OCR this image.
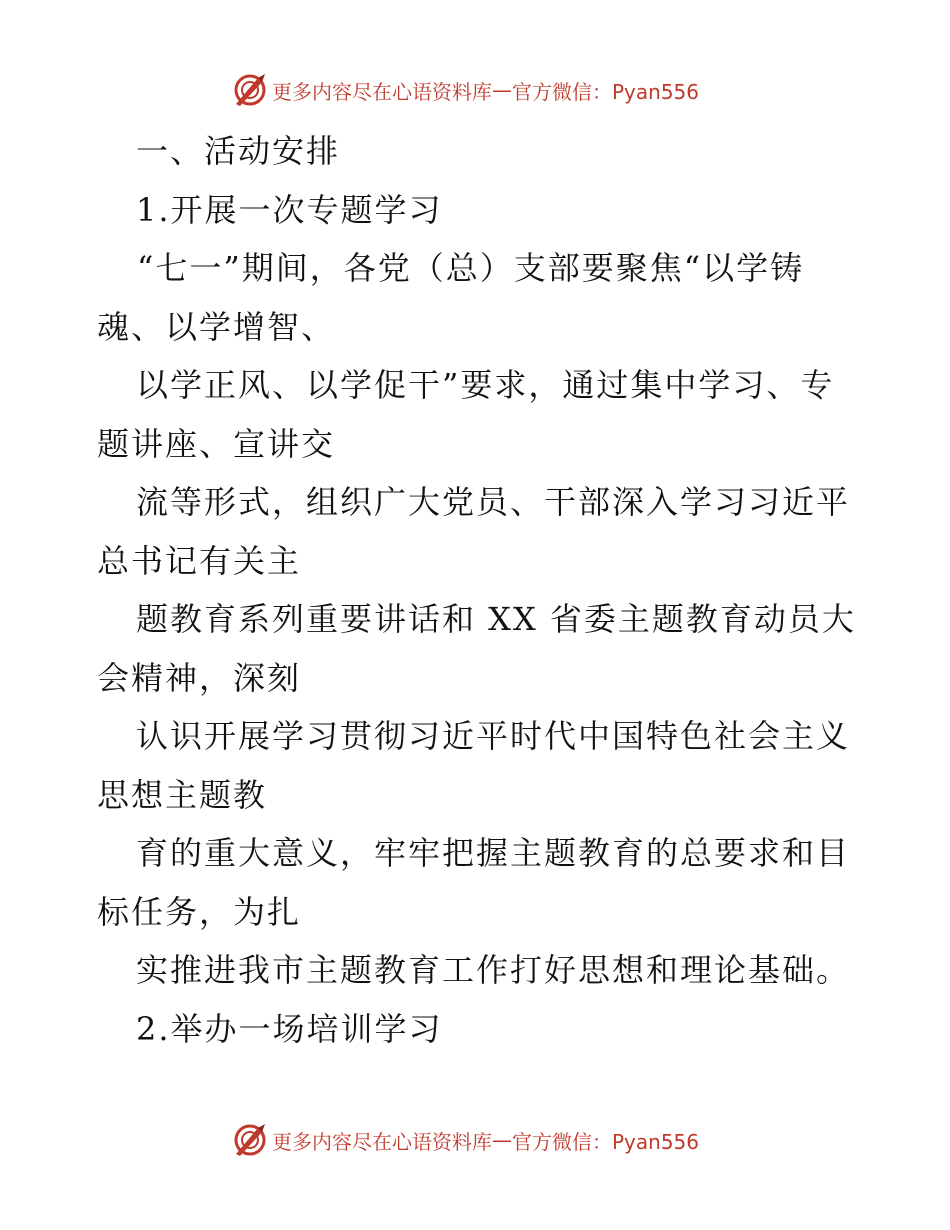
更多内容尽在心语资料库 — 官方微信：Pyan556
一、活动安排
1.开展一次专题学习
“七一”期间，各党（总）支部要聚焦“以学铸
魂、以学增智、
以学正风、以学促干”要求，通过集中学习、专
题讲座、宣讲交
流等形式，组织广大党员、干部深入学习习近平
总书记有关主
题教育系列重要讲话和 XX 省委主题教育动员大
会精神，深刻
认识开展学习贯彻习近平时代中国特色社会主义
思想主题教
育的重大意义，牢牢把握主题教育的总要求和目
标任务，为扎
实推进我市主题教育工作打好思想和理论基础。
2.举办一场培训学习
更多内容尽在心语资料库 — 官方微信：Pyan556
